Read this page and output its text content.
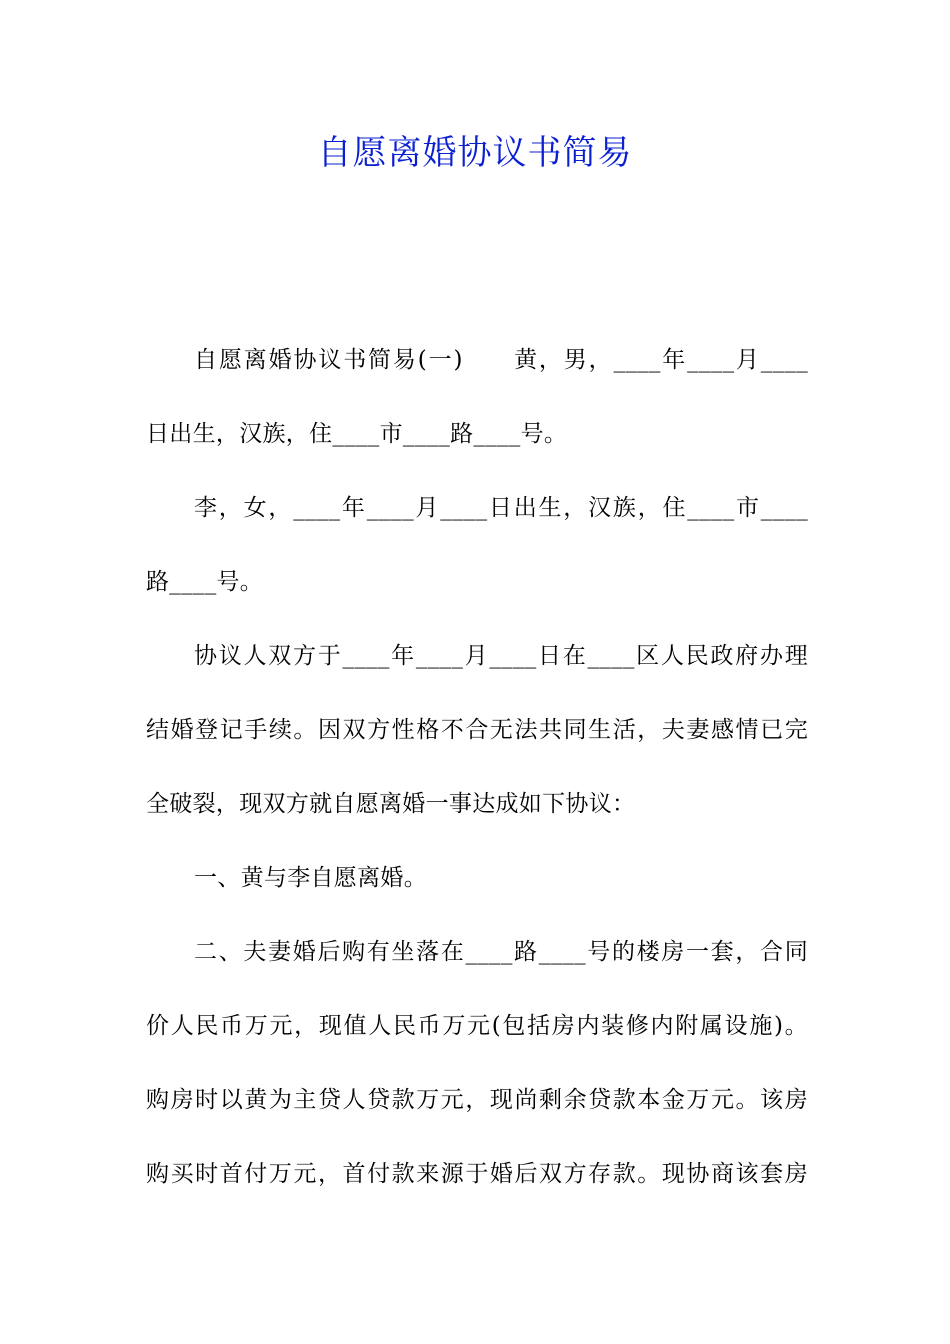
自愿离婚协议书简易
自愿离婚协议书简易(一)　　黄，男，____年____月____
日出生，汉族，住____市____路____号。
李，女，____年____月____日出生，汉族，住____市____
路____号。
协议人双方于____年____月____日在____区人民政府办理
结婚登记手续。因双方性格不合无法共同生活，夫妻感情已完
全破裂，现双方就自愿离婚一事达成如下协议：
一、黄与李自愿离婚。
二、夫妻婚后购有坐落在____路____号的楼房一套，合同
价人民币万元，现值人民币万元(包括房内装修内附属设施)。
购房时以黄为主贷人贷款万元，现尚剩余贷款本金万元。该房
购买时首付万元，首付款来源于婚后双方存款。现协商该套房
